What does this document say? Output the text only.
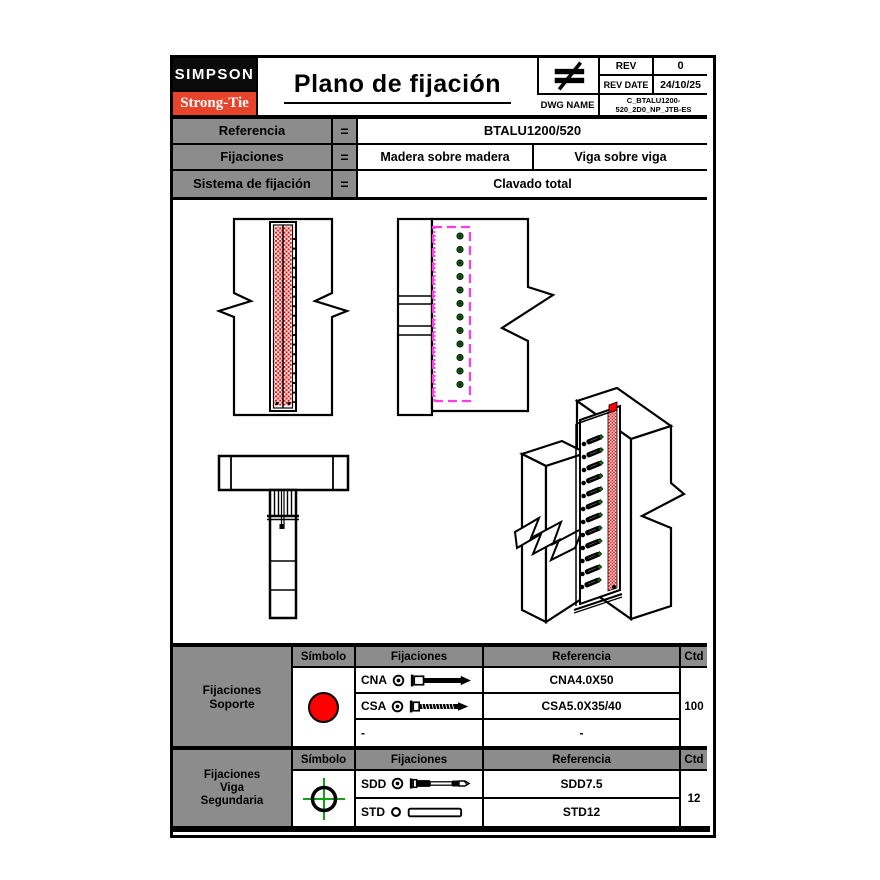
SIMPSON
Strong-Tie
Plano de fijación
REV	0
REV DATE	24/10/25
DWG NAME	C_BTALU1200-520_2D0_NP_JTB-ES
Referencia	=	BTALU1200/520
Fijaciones	=	Madera sobre madera	Viga sobre viga
Sistema de fijación	=	Clavado total
Fijaciones
Soporte
Símbolo	Fijaciones	Referencia	Ctd
CNA	CNA4.0X50
CSA	CSA5.0X35/40
-	-
100
Fijaciones
Viga
Segundaria
Símbolo	Fijaciones	Referencia	Ctd
SDD	SDD7.5
STD	STD12
12
